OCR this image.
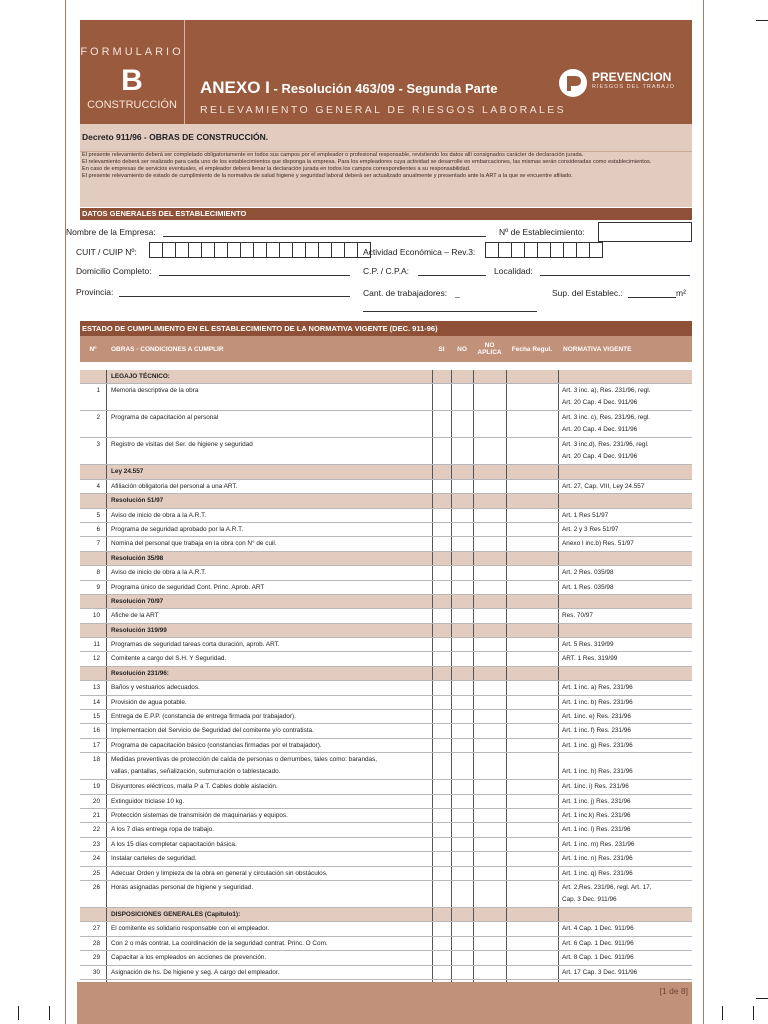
FORMULARIO
B
CONSTRUCCIÓN
ANEXO I - Resolución 463/09 - Segunda Parte
RELEVAMIENTO GENERAL DE RIESGOS LABORALES
PREVENCION
RIESGOS DEL TRABAJO
Decreto 911/96 - OBRAS DE CONSTRUCCIÓN.

El presente relevamiento deberá ser completado obligatoriamente en todos sus campos por el empleador o profesional responsable, revistiendo los datos allí consignados carácter de declaración jurada.

El relevamiento deberá ser realizado para cada uno de los establecimientos que disponga la empresa. Para los empleadores cuya actividad se desarrolle en embarcaciones, las mismas serán consideradas como establecimientos.

En caso de empresas de servicios eventuales, el empleador deberá llenar la declaración jurada en todos los campos correspondientes a su responsabilidad.

El presente relevamiento de estado de cumplimiento de la normativa de salud higiene y seguridad laboral deberá ser actualizado anualmente y presentado ante la ART a la que se encuentre afiliado.

DATOS GENERALES DEL ESTABLECIMIENTO
Nombre de la Empresa:	Nº de Establecimiento:
CUIT / CUIP Nº:	Actividad Económica – Rev.3:
Domicilio Completo:	C.P. / C.P.A:	Localidad:
Provincia:	Cant. de trabajadores: _	Sup. del Establec.:	m²
ESTADO DE CUMPLIMIENTO EN EL ESTABLECIMIENTO DE LA NORMATIVA VIGENTE (DEC. 911-96)
Nº	OBRAS - CONDICIONES A CUMPLIR	SI	NO	NO APLICA	Fecha Regul.	NORMATIVA VIGENTE
LEGAJO TÉCNICO:
1 Memoria descriptiva de la obra	Art. 3 inc. a), Res. 231/96, regl.
Art. 20 Cap. 4 Dec. 911/96
2 Programa de capacitación al personal	Art. 3 inc. c), Res. 231/96, regl.
Art. 20 Cap. 4 Dec. 911/96
3 Registro de visitas del Ser. de higiene y seguridad	Art. 3 inc.d), Res. 231/96, regl.
Art. 20 Cap. 4 Dec. 911/96
Ley 24.557
4 Afiliación obligatoria del personal a una ART.	Art. 27, Cap. VIII, Ley 24.557
Resolución 51/97
5 Aviso de inicio de obra a la A.R.T.	Art. 1 Res 51/97
6 Programa de seguridad aprobado por la A.R.T.	Art. 2 y 3 Res 51/97
7 Nomina del personal que trabaja en la obra con N° de cuil.	Anexo I inc.b) Res. 51/97
Resolución 35/98
8 Aviso de inicio de obra a la A.R.T.	Art. 2 Res. 035/98
9 Programa único de seguridad Cont. Princ. Aprob. ART	Art. 1 Res. 035/98
Resolución 70/97
10 Afiche de la ART	Res. 70/97
Resolución 319/99
11 Programas de seguridad tareas corta duración, aprob. ART.	Art. 5 Res. 319/99
12 Comitente a cargo del S.H. Y Seguridad.	ART. 1 Res. 319/99
Resolución 231/96:
13 Baños y vestuarios adecuados.	Art. 1 inc. a) Res. 231/96
14 Provisión de agua potable.	Art. 1 inc. b) Res. 231/96
15 Entrega de E.P.P. (constancia de entrega firmada por trabajador).	Art. 1inc. e) Res. 231/96
16 Implementacion del Servicio de Seguridad del comitente y/o contratista.	Art. 1 inc. f) Res. 231/96
17 Programa de capacitación básico (constancias firmadas por el trabajador).	Art. 1 inc. g) Res. 231/96
18 Medidas preventivas de protección de caída de personas o derrumbes, tales como: barandas,
vallas, pantallas, señalización, submuración o tablestacado.	Art. 1 inc. h) Res. 231/96
19 Disyuntores eléctricos, malla P a T. Cables doble aislación.	Art. 1inc. i) Res. 231/96
20 Extinguidor triclase 10 kg.	Art. 1 inc. j) Res. 231/96
21 Protección sistemas de transmisión de maquinarias y equipos.	Art. 1 inc.k) Res. 231/96
22 A los 7 días entrega ropa de trabajo.	Art. 1 inc. l) Res. 231/96
23 A los 15 días completar capacitación básica.	Art. 1 inc. m) Res. 231/96
24 Instalar carteles de seguridad.	Art. 1 inc. n) Res. 231/96
25 Adecuar Orden y limpieza de la obra en general y circulación sin obstáculos.	Art. 1 inc. q) Res. 231/96
26 Horas asignadas personal de higiene y seguridad.	Art. 2,Res. 231/96, regl. Art. 17,
Cap. 3 Dec. 911/96
DISPOSICIONES GENERALES (Capitulo1):
27 El comitente es solidario responsable con el empleador.	Art. 4 Cap. 1 Dec. 911/96
28 Con 2 o más contrat. La coordinación de la seguridad contrat. Princ. O Com.	Art. 6 Cap. 1 Dec. 911/96
29 Capacitar a los empleados en acciones de prevención.	Art. 8 Cap. 1 Dec. 911/96
30 Asignación de hs. De higiene y seg. A cargo del empleador.	Art. 17 Cap. 3 Dec. 911/96
[1 de 8]
